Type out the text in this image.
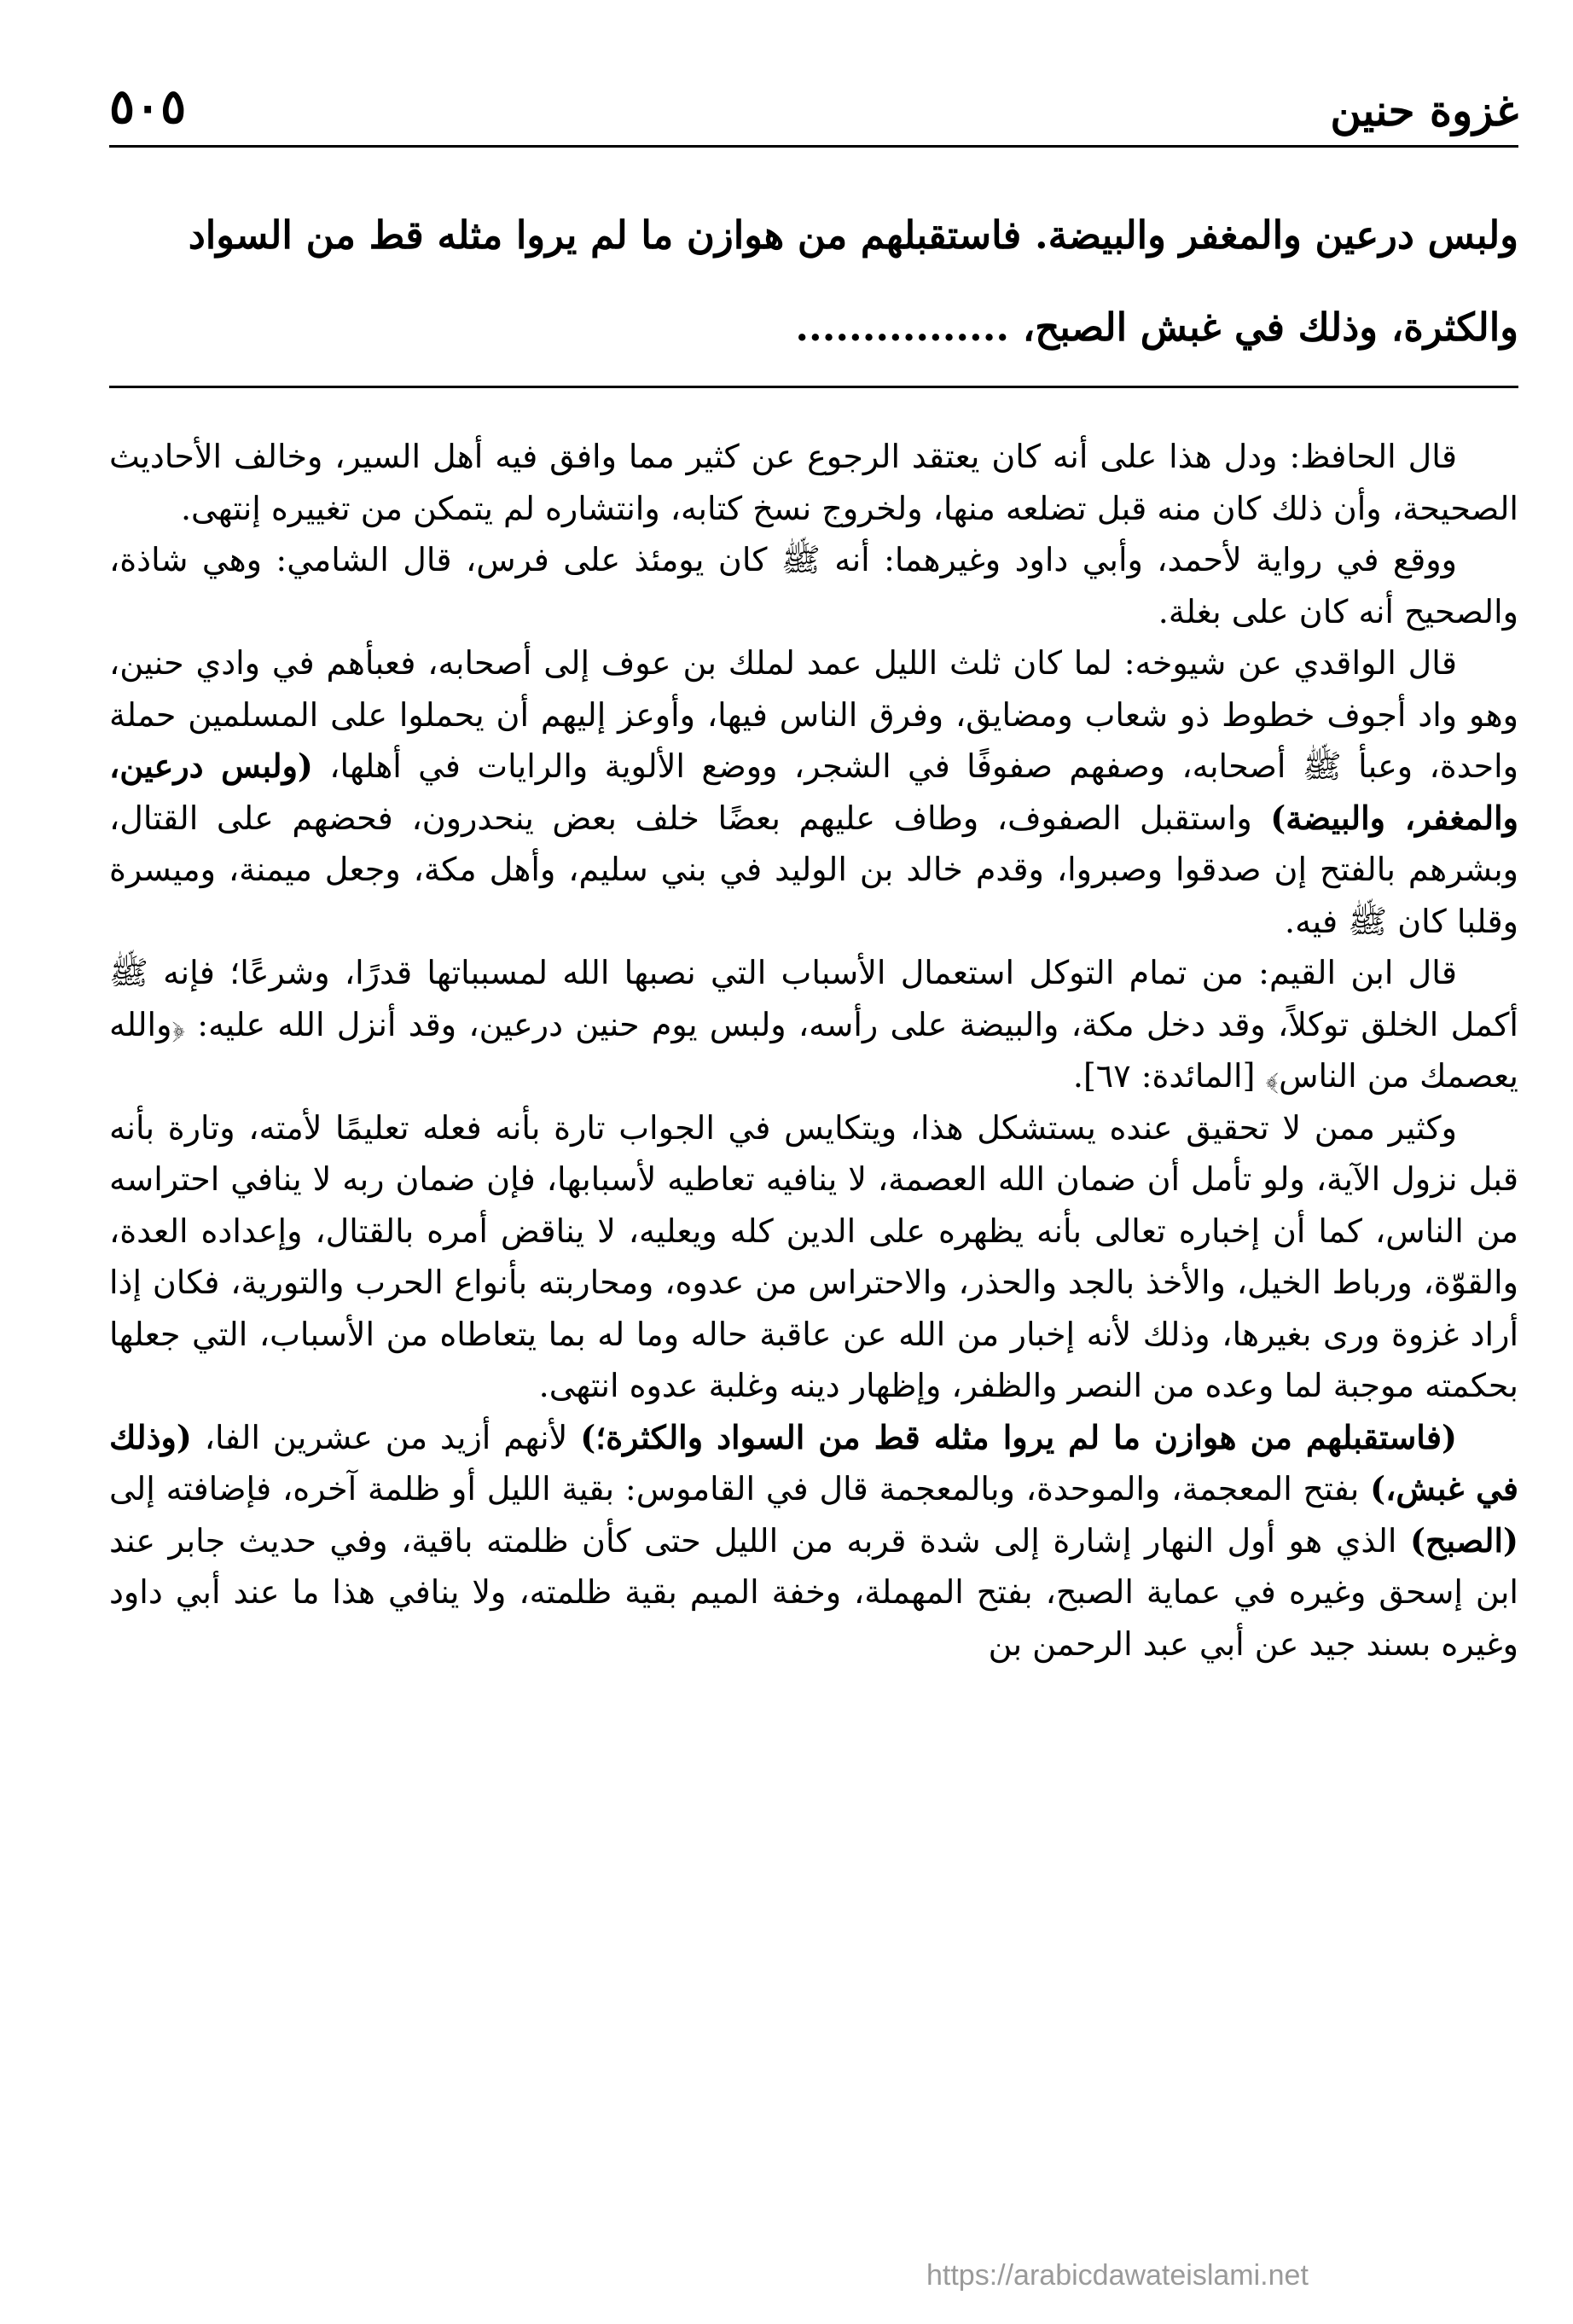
غزوة حنين
٥٠٥
ولبس درعين والمغفر والبيضة. فاستقبلهم من هوازن ما لم يروا مثله قط من السواد
والكثرة، وذلك في غبش الصبح، ................

قال الحافظ: ودل هذا على أنه كان يعتقد الرجوع عن كثير مما وافق فيه أهل السير، وخالف الأحاديث الصحيحة، وأن ذلك كان منه قبل تضلعه منها، ولخروج نسخ كتابه، وانتشاره لم يتمكن من تغييره إنتهى.

ووقع في رواية لأحمد، وأبي داود وغيرهما: أنه ﷺ كان يومئذ على فرس، قال الشامي: وهي شاذة، والصحيح أنه كان على بغلة.

قال الواقدي عن شيوخه: لما كان ثلث الليل عمد لملك بن عوف إلى أصحابه، فعبأهم في وادي حنين، وهو واد أجوف خطوط ذو شعاب ومضايق، وفرق الناس فيها، وأوعز إليهم أن يحملوا على المسلمين حملة واحدة، وعبأ ﷺ أصحابه، وصفهم صفوفًا في الشجر، ووضع الألوية والرايات في أهلها، (ولبس درعين، والمغفر، والبيضة) واستقبل الصفوف، وطاف عليهم بعضًا خلف بعض ينحدرون، فحضهم على القتال، وبشرهم بالفتح إن صدقوا وصبروا، وقدم خالد بن الوليد في بني سليم، وأهل مكة، وجعل ميمنة، وميسرة وقلبا كان ﷺ فيه.

قال ابن القيم: من تمام التوكل استعمال الأسباب التي نصبها الله لمسبباتها قدرًا، وشرعًا؛ فإنه ﷺ أكمل الخلق توكلاً، وقد دخل مكة، والبيضة على رأسه، ولبس يوم حنين درعين، وقد أنزل الله عليه: ﴿والله يعصمك من الناس﴾ [المائدة: ٦٧].

وكثير ممن لا تحقيق عنده يستشكل هذا، ويتكايس في الجواب تارة بأنه فعله تعليمًا لأمته، وتارة بأنه قبل نزول الآية، ولو تأمل أن ضمان الله العصمة، لا ينافيه تعاطيه لأسبابها، فإن ضمان ربه لا ينافي احتراسه من الناس، كما أن إخباره تعالى بأنه يظهره على الدين كله ويعليه، لا يناقض أمره بالقتال، وإعداده العدة، والقوّة، ورباط الخيل، والأخذ بالجد والحذر، والاحتراس من عدوه، ومحاربته بأنواع الحرب والتورية، فكان إذا أراد غزوة ورى بغيرها، وذلك لأنه إخبار من الله عن عاقبة حاله وما له بما يتعاطاه من الأسباب، التي جعلها بحكمته موجبة لما وعده من النصر والظفر، وإظهار دينه وغلبة عدوه انتهى.

(فاستقبلهم من هوازن ما لم يروا مثله قط من السواد والكثرة؛) لأنهم أزيد من عشرين الفا، (وذلك في غبش،) بفتح المعجمة، والموحدة، وبالمعجمة قال في القاموس: بقية الليل أو ظلمة آخره، فإضافته إلى (الصبح) الذي هو أول النهار إشارة إلى شدة قربه من الليل حتى كأن ظلمته باقية، وفي حديث جابر عند ابن إسحق وغيره في عماية الصبح، بفتح المهملة، وخفة الميم بقية ظلمته، ولا ينافي هذا ما عند أبي داود وغيره بسند جيد عن أبي عبد الرحمن بن

https://arabicdawateislami.net
